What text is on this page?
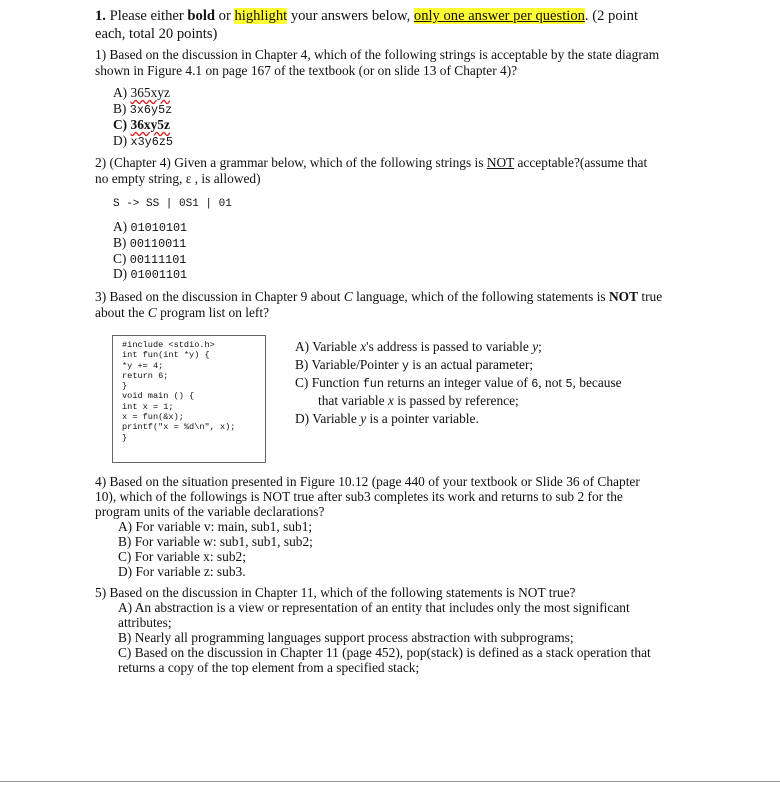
1. Please either bold or highlight your answers below, only one answer per question. (2 point
each, total 20 points)
1) Based on the discussion in Chapter 4, which of the following strings is acceptable by the state diagram
shown in Figure 4.1 on page 167 of the textbook (or on slide 13 of Chapter 4)?
A) 365xyz
B) 3x6y5z
C) 36xy5z
D) x3y6z5
2) (Chapter 4) Given a grammar below, which of the following strings is NOT acceptable?(assume that
no empty string, ε , is allowed)
S -> SS | 0S1 | 01
A) 01010101
B) 00110011
C) 00111101
D) 01001101
3) Based on the discussion in Chapter 9 about C language, which of the following statements is NOT true
about the C program list on left?
#include <stdio.h>
int fun(int *y) {
*y += 4;
return 6;
}
void main () {
int x = 1;
x = fun(&x);
printf("x = %d\n", x);
}
A) Variable x's address is passed to variable y;
B) Variable/Pointer y is an actual parameter;
C) Function fun returns an integer value of 6, not 5, because
that variable x is passed by reference;
D) Variable y is a pointer variable.
4) Based on the situation presented in Figure 10.12 (page 440 of your textbook or Slide 36 of Chapter
10), which of the followings is NOT true after sub3 completes its work and returns to sub 2 for the
program units of the variable declarations?
A) For variable v: main, sub1, sub1;
B) For variable w: sub1, sub1, sub2;
C) For variable x: sub2;
D) For variable z: sub3.
5) Based on the discussion in Chapter 11, which of the following statements is NOT true?
A) An abstraction is a view or representation of an entity that includes only the most significant
attributes;
B) Nearly all programming languages support process abstraction with subprograms;
C) Based on the discussion in Chapter 11 (page 452), pop(stack) is defined as a stack operation that
returns a copy of the top element from a specified stack;
